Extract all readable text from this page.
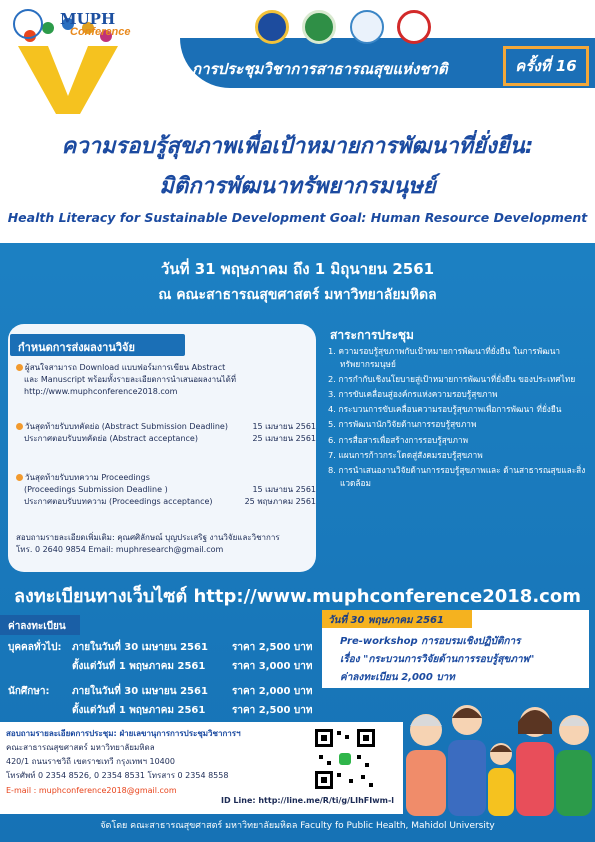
MUPH
Conference
การประชุมวิชาการสาธารณสุขแห่งชาติ	ครั้งที่ 16
ความรอบรู้สุขภาพเพื่อเป้าหมายการพัฒนาที่ยั่งยืน:
มิติการพัฒนาทรัพยากรมนุษย์
Health Literacy for Sustainable Development Goal: Human Resource Development
วันที่ 31 พฤษภาคม ถึง 1 มิถุนายน 2561
ณ คณะสาธารณสุขศาสตร์ มหาวิทยาลัยมหิดล
กำหนดการส่งผลงานวิจัย
ผู้สนใจสามารถ Download แบบฟอร์มการเขียน Abstract
และ Manuscript พร้อมทั้งรายละเอียดการนำเสนอผลงานได้ที่
http://www.muphconference2018.com
วันสุดท้ายรับบทคัดย่อ (Abstract Submission Deadline)	15 เมษายน 2561
ประกาศตอบรับบทคัดย่อ (Abstract acceptance)	25 เมษายน 2561
วันสุดท้ายรับบทความ Proceedings
(Proceedings Submission Deadline )	15 เมษายน 2561
ประกาศตอบรับบทความ (Proceedings acceptance)	25 พฤษภาคม 2561
สอบถามรายละเอียดเพิ่มเติม: คุณศศิลักษณ์ บุญประเสริฐ งานวิจัยและวิชาการ
โทร. 0 2640 9854 Email: muphresearch@gmail.com
สาระการประชุม
1. ความรอบรู้สุขภาพกับเป้าหมายการพัฒนาที่ยั่งยืน ในการพัฒนาทรัพยากรมนุษย์
2. การกำกับเชิงนโยบายสู่เป้าหมายการพัฒนาที่ยั่งยืน ของประเทศไทย
3. การขับเคลื่อนสู่องค์กรแห่งความรอบรู้สุขภาพ
4. กระบวนการขับเคลื่อนความรอบรู้สุขภาพเพื่อการพัฒนา ที่ยั่งยืน
5. การพัฒนานักวิจัยด้านการรอบรู้สุขภาพ
6. การสื่อสารเพื่อสร้างการรอบรู้สุขภาพ
7. แผนการก้าวกระโดดสู่สังคมรอบรู้สุขภาพ
8. การนำเสนองานวิจัยด้านการรอบรู้สุขภาพและ ด้านสาธารณสุขและสิ่งแวดล้อม
ลงทะเบียนทางเว็บไซต์ http://www.muphconference2018.com
ค่าลงทะเบียน
บุคคลทั่วไป: ภายในวันที่ 30 เมษายน 2561 ราคา 2,500 บาท
ตั้งแต่วันที่ 1 พฤษภาคม 2561	ราคา 3,000 บาท
นักศึกษา: ภายในวันที่ 30 เมษายน 2561 ราคา 2,000 บาท
ตั้งแต่วันที่ 1 พฤษภาคม 2561	ราคา 2,500 บาท
วันที่ 30 พฤษภาคม 2561
Pre-workshop การอบรมเชิงปฏิบัติการ
เรื่อง "กระบวนการวิจัยด้านการรอบรู้สุขภาพ"
ค่าลงทะเบียน 2,000 บาท
สอบถามรายละเอียดการประชุม: ฝ่ายเลขานุการการประชุมวิชาการฯ
คณะสาธารณสุขศาสตร์ มหาวิทยาลัยมหิดล
420/1 ถนนราชวิถี เขตราชเทวี กรุงเทพฯ 10400
โทรศัพท์ 0 2354 8526, 0 2354 8531 โทรสาร 0 2354 8558
E-mail : muphconference2018@gmail.com
ID Line: http://line.me/R/ti/g/LIhFIwm-l
จัดโดย คณะสาธารณสุขศาสตร์ มหาวิทยาลัยมหิดล Faculty fo Public Health, Mahidol University
